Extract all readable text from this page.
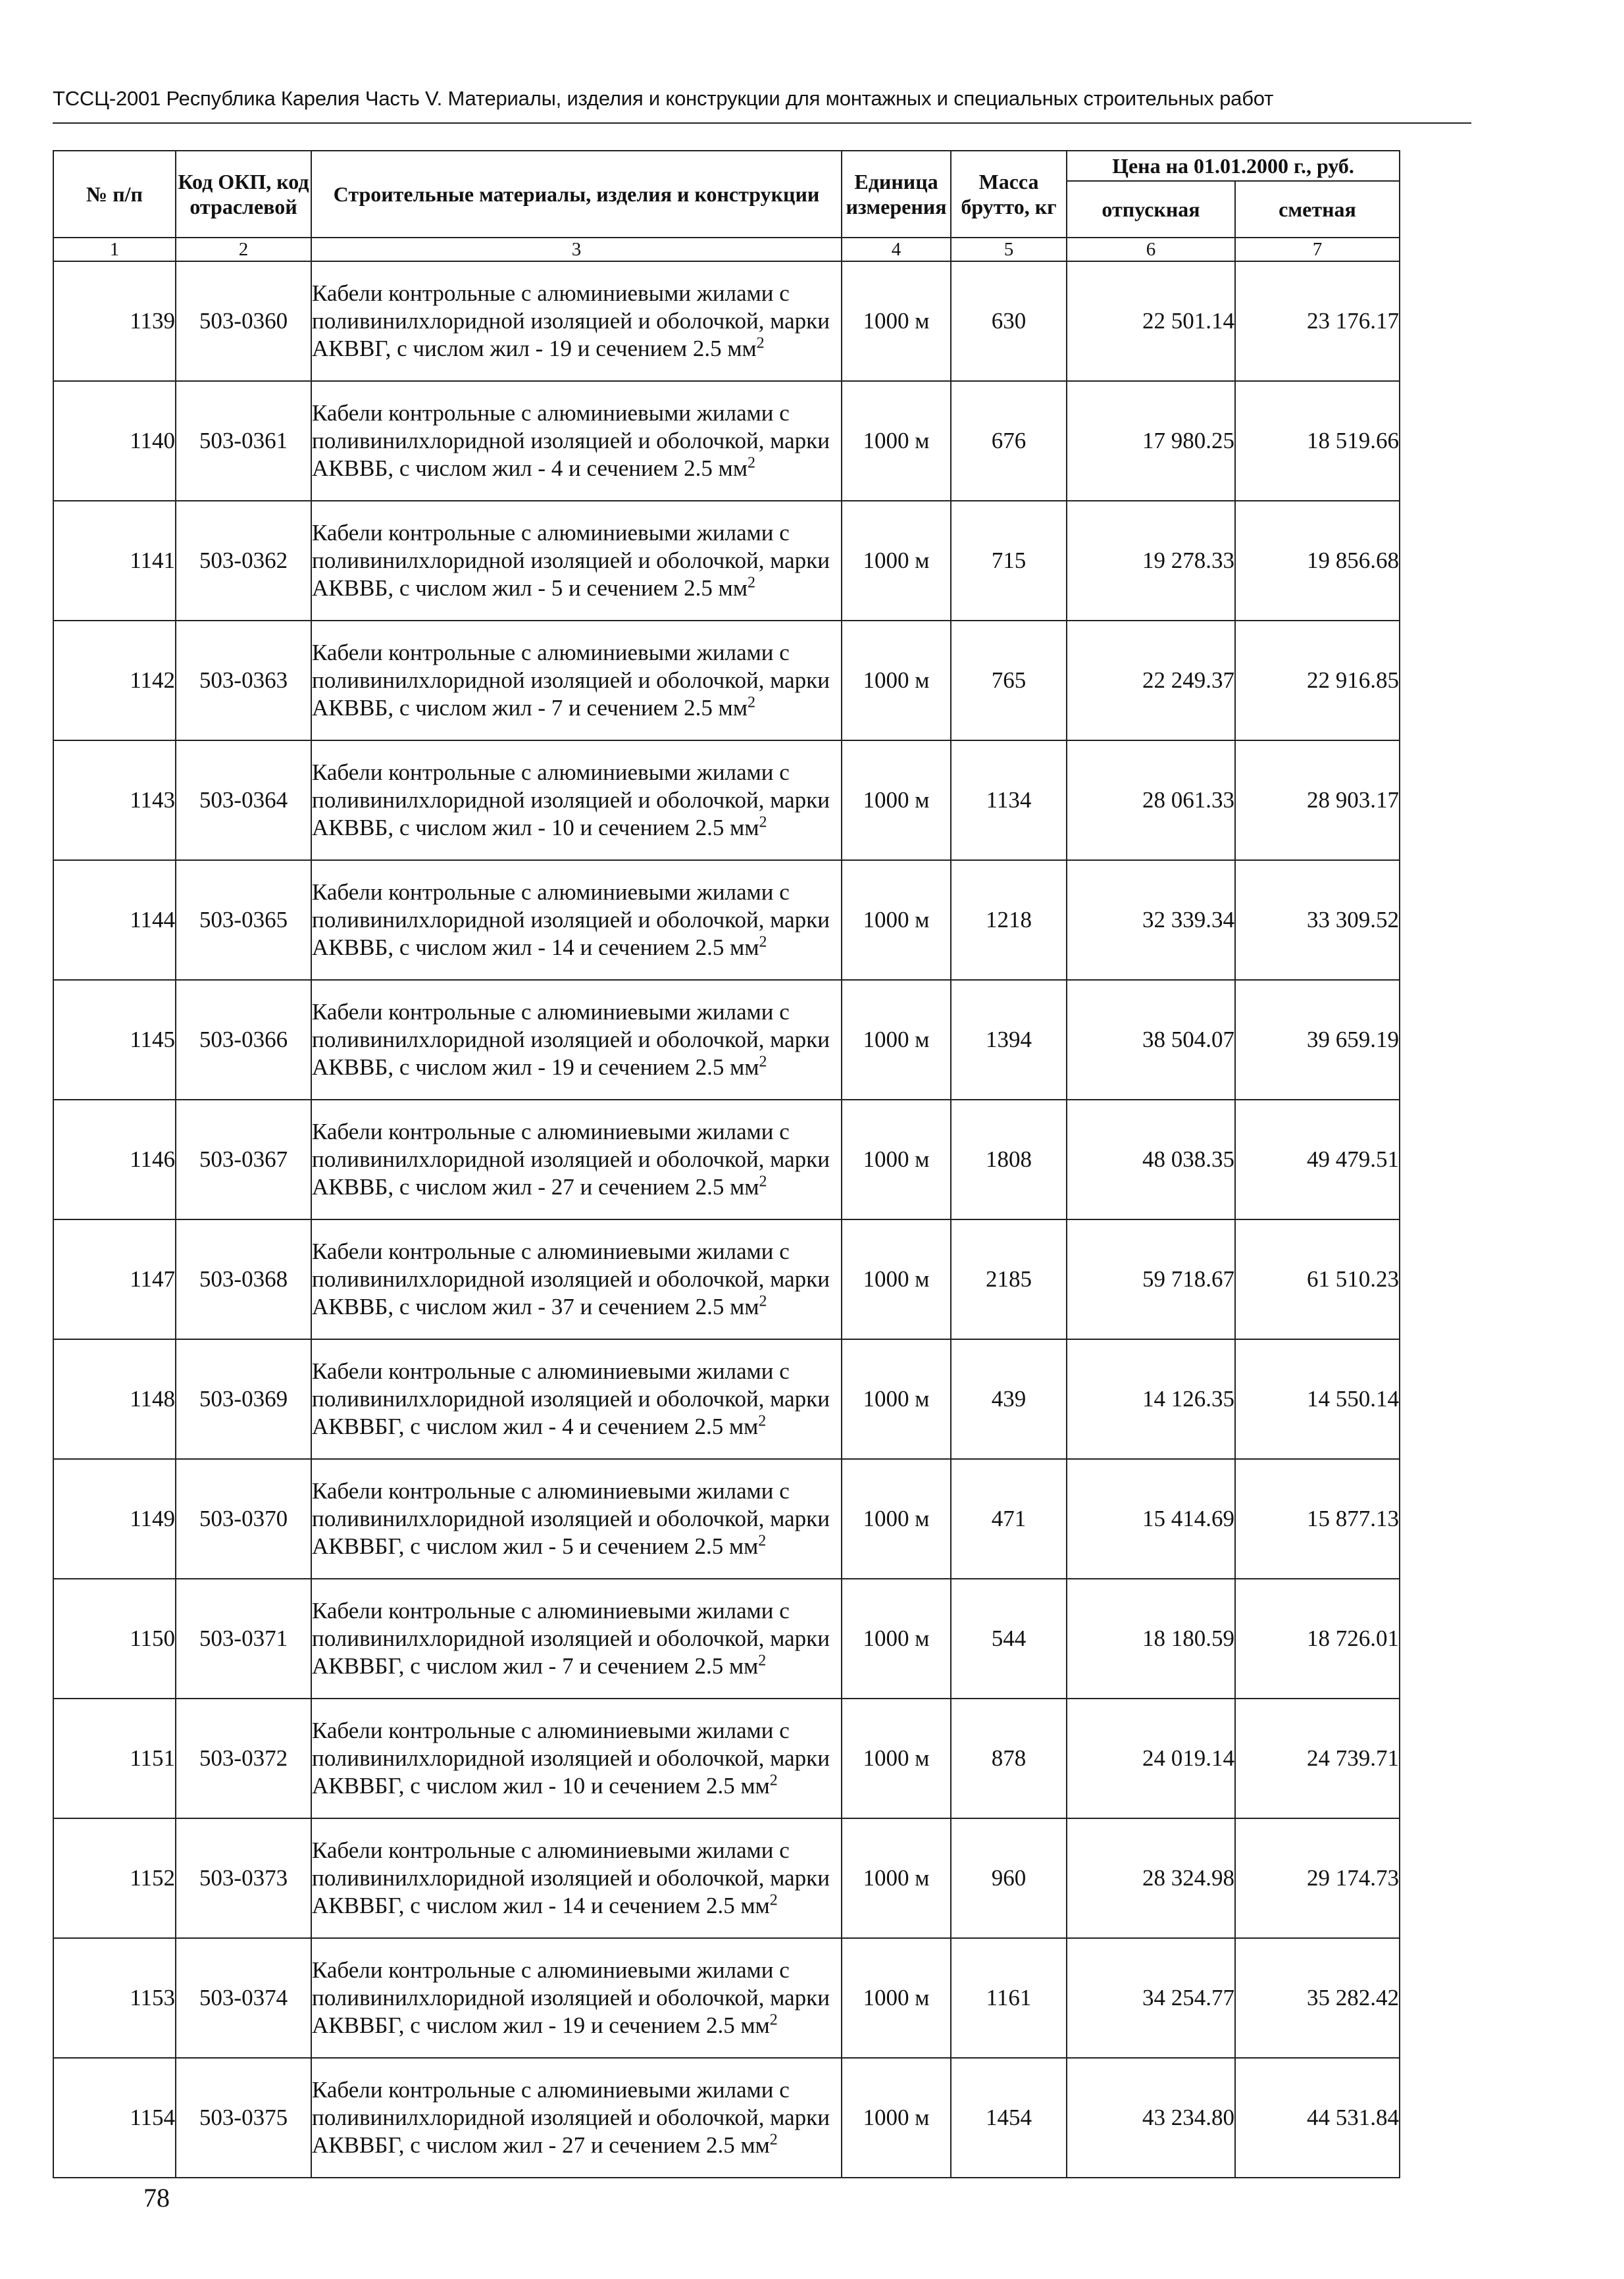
ТССЦ-2001 Республика Карелия Часть V. Материалы, изделия и конструкции для монтажных и специальных строительных работ
№ п/п	Код ОКП, код отраслевой	Строительные материалы, изделия и конструкции	Единица измерения	Масса брутто, кг	Цена на 01.01.2000 г., руб.	
					отпускная	сметная
1	2	3	4	5	6	7
1139	503-0360	Кабели контрольные с алюминиевыми жилами с поливинилхлоридной изоляцией и оболочкой, марки АКВВГ, с числом жил - 19 и сечением 2.5 $мм^2$	1000 м	630	22 501.14	23 176.17
1140	503-0361	Кабели контрольные с алюминиевыми жилами с поливинилхлоридной изоляцией и оболочкой, марки АКВВБ, с числом жил - 4 и сечением 2.5 $мм^2$	1000 м	676	17 980.25	18 519.66
1141	503-0362	Кабели контрольные с алюминиевыми жилами с поливинилхлоридной изоляцией и оболочкой, марки АКВВБ, с числом жил - 5 и сечением 2.5 $мм^2$	1000 м	715	19 278.33	19 856.68
1142	503-0363	Кабели контрольные с алюминиевыми жилами с поливинилхлоридной изоляцией и оболочкой, марки АКВВБ, с числом жил - 7 и сечением 2.5 $мм^2$	1000 м	765	22 249.37	22 916.85
1143	503-0364	Кабели контрольные с алюминиевыми жилами с поливинилхлоридной изоляцией и оболочкой, марки АКВВБ, с числом жил - 10 и сечением 2.5 $мм^2$	1000 м	1134	28 061.33	28 903.17
1144	503-0365	Кабели контрольные с алюминиевыми жилами с поливинилхлоридной изоляцией и оболочкой, марки АКВВБ, с числом жил - 14 и сечением 2.5 $мм^2$	1000 м	1218	32 339.34	33 309.52
1145	503-0366	Кабели контрольные с алюминиевыми жилами с поливинилхлоридной изоляцией и оболочкой, марки АКВВБ, с числом жил - 19 и сечением 2.5 $мм^2$	1000 м	1394	38 504.07	39 659.19
1146	503-0367	Кабели контрольные с алюминиевыми жилами с поливинилхлоридной изоляцией и оболочкой, марки АКВВБ, с числом жил - 27 и сечением 2.5 $мм^2$	1000 м	1808	48 038.35	49 479.51
1147	503-0368	Кабели контрольные с алюминиевыми жилами с поливинилхлоридной изоляцией и оболочкой, марки АКВВБ, с числом жил - 37 и сечением 2.5 $мм^2$	1000 м	2185	59 718.67	61 510.23
1148	503-0369	Кабели контрольные с алюминиевыми жилами с поливинилхлоридной изоляцией и оболочкой, марки АКВВБГ, с числом жил - 4 и сечением 2.5 $мм^2$	1000 м	439	14 126.35	14 550.14
1149	503-0370	Кабели контрольные с алюминиевыми жилами с поливинилхлоридной изоляцией и оболочкой, марки АКВВБГ, с числом жил - 5 и сечением 2.5 $мм^2$	1000 м	471	15 414.69	15 877.13
1150	503-0371	Кабели контрольные с алюминиевыми жилами с поливинилхлоридной изоляцией и оболочкой, марки АКВВБГ, с числом жил - 7 и сечением 2.5 $мм^2$	1000 м	544	18 180.59	18 726.01
1151	503-0372	Кабели контрольные с алюминиевыми жилами с поливинилхлоридной изоляцией и оболочкой, марки АКВВБГ, с числом жил - 10 и сечением 2.5 $мм^2$	1000 м	878	24 019.14	24 739.71
1152	503-0373	Кабели контрольные с алюминиевыми жилами с поливинилхлоридной изоляцией и оболочкой, марки АКВВБГ, с числом жил - 14 и сечением 2.5 $мм^2$	1000 м	960	28 324.98	29 174.73
1153	503-0374	Кабели контрольные с алюминиевыми жилами с поливинилхлоридной изоляцией и оболочкой, марки АКВВБГ, с числом жил - 19 и сечением 2.5 $мм^2$	1000 м	1161	34 254.77	35 282.42
1154	503-0375	Кабели контрольные с алюминиевыми жилами с поливинилхлоридной изоляцией и оболочкой, марки АКВВБГ, с числом жил - 27 и сечением 2.5 $мм^2$	1000 м	1454	43 234.80	44 531.84
78
